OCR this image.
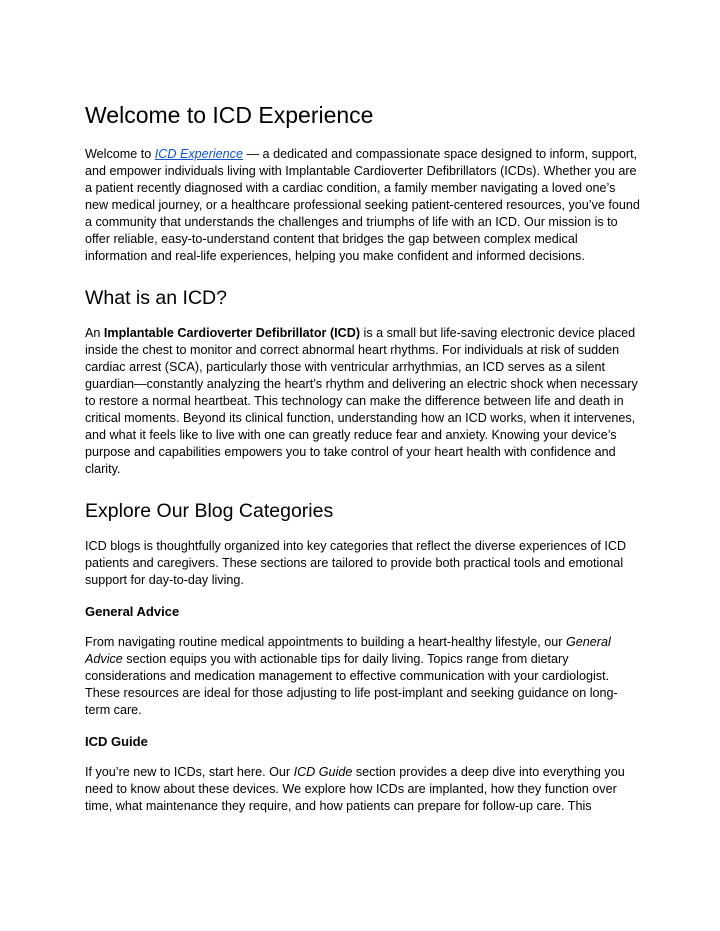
Welcome to ICD Experience

Welcome to ICD Experience — a dedicated and compassionate space designed to inform, support, and empower individuals living with Implantable Cardioverter Defibrillators (ICDs). Whether you are a patient recently diagnosed with a cardiac condition, a family member navigating a loved one’s new medical journey, or a healthcare professional seeking patient-centered resources, you’ve found a community that understands the challenges and triumphs of life with an ICD. Our mission is to offer reliable, easy-to-understand content that bridges the gap between complex medical information and real-life experiences, helping you make confident and informed decisions.

What is an ICD?

An Implantable Cardioverter Defibrillator (ICD) is a small but life-saving electronic device placed inside the chest to monitor and correct abnormal heart rhythms. For individuals at risk of sudden cardiac arrest (SCA), particularly those with ventricular arrhythmias, an ICD serves as a silent guardian—constantly analyzing the heart’s rhythm and delivering an electric shock when necessary to restore a normal heartbeat. This technology can make the difference between life and death in critical moments. Beyond its clinical function, understanding how an ICD works, when it intervenes, and what it feels like to live with one can greatly reduce fear and anxiety. Knowing your device’s purpose and capabilities empowers you to take control of your heart health with confidence and clarity.

Explore Our Blog Categories

ICD blogs is thoughtfully organized into key categories that reflect the diverse experiences of ICD patients and caregivers. These sections are tailored to provide both practical tools and emotional support for day-to-day living.

General Advice

From navigating routine medical appointments to building a heart-healthy lifestyle, our General Advice section equips you with actionable tips for daily living. Topics range from dietary considerations and medication management to effective communication with your cardiologist. These resources are ideal for those adjusting to life post-implant and seeking guidance on long-term care.

ICD Guide

If you’re new to ICDs, start here. Our ICD Guide section provides a deep dive into everything you need to know about these devices. We explore how ICDs are implanted, how they function over time, what maintenance they require, and how patients can prepare for follow-up care. This
